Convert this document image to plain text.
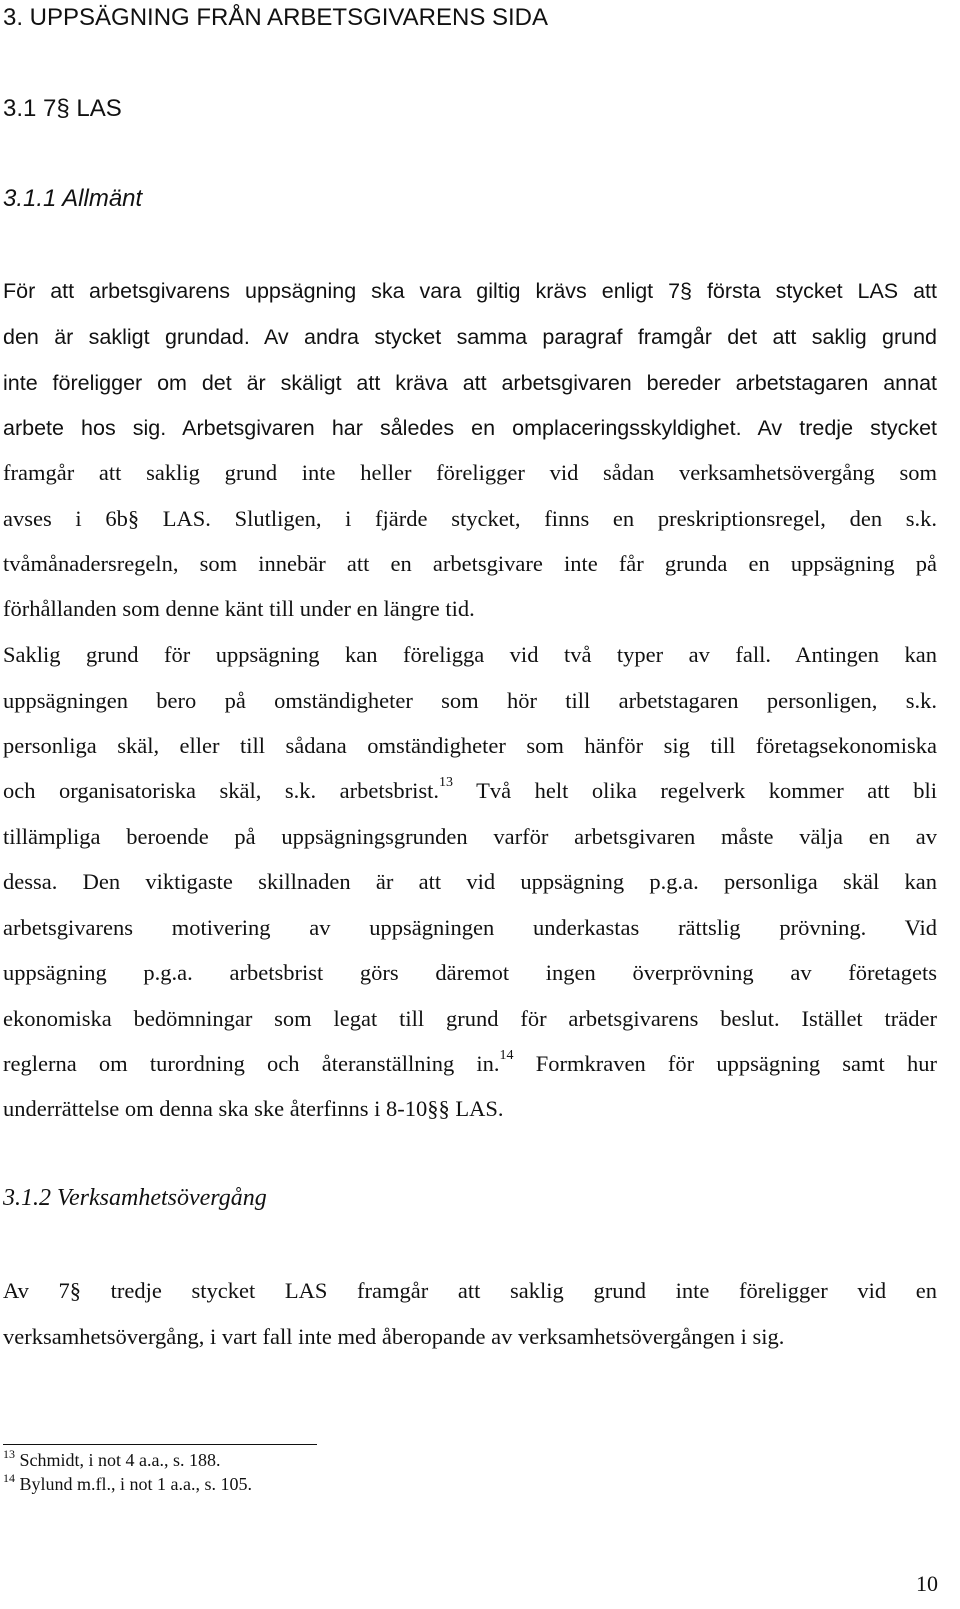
3. UPPSÄGNING FRÅN ARBETSGIVARENS SIDA
3.1 7§ LAS
3.1.1 Allmänt
För att arbetsgivarens uppsägning ska vara giltig krävs enligt 7§ första stycket LAS att
den är sakligt grundad. Av andra stycket samma paragraf framgår det att saklig grund
inte föreligger om det är skäligt att kräva att arbetsgivaren bereder arbetstagaren annat
arbete hos sig. Arbetsgivaren har således en omplaceringsskyldighet. Av tredje stycket
framgår att saklig grund inte heller föreligger vid sådan verksamhetsövergång som
avses i 6b§ LAS. Slutligen, i fjärde stycket, finns en preskriptionsregel, den s.k.
tvåmånadersregeln, som innebär att en arbetsgivare inte får grunda en uppsägning på
förhållanden som denne känt till under en längre tid.
Saklig grund för uppsägning kan föreligga vid två typer av fall. Antingen kan
uppsägningen bero på omständigheter som hör till arbetstagaren personligen, s.k.
personliga skäl, eller till sådana omständigheter som hänför sig till företagsekonomiska
och organisatoriska skäl, s.k. arbetsbrist.$^{13}$ Två helt olika regelverk kommer att bli
tillämpliga beroende på uppsägningsgrunden varför arbetsgivaren måste välja en av
dessa. Den viktigaste skillnaden är att vid uppsägning p.g.a. personliga skäl kan
arbetsgivarens motivering av uppsägningen underkastas rättslig prövning. Vid
uppsägning p.g.a. arbetsbrist görs däremot ingen överprövning av företagets
ekonomiska bedömningar som legat till grund för arbetsgivarens beslut. Istället träder
reglerna om turordning och återanställning in.$^{14}$ Formkraven för uppsägning samt hur
underrättelse om denna ska ske återfinns i 8-10§§ LAS.
3.1.2 Verksamhetsövergång
Av 7§ tredje stycket LAS framgår att saklig grund inte föreligger vid en
verksamhetsövergång, i vart fall inte med åberopande av verksamhetsövergången i sig.
$^{13}$ Schmidt, i not 4 a.a., s. 188.
$^{14}$ Bylund m.fl., i not 1 a.a., s. 105.
10
